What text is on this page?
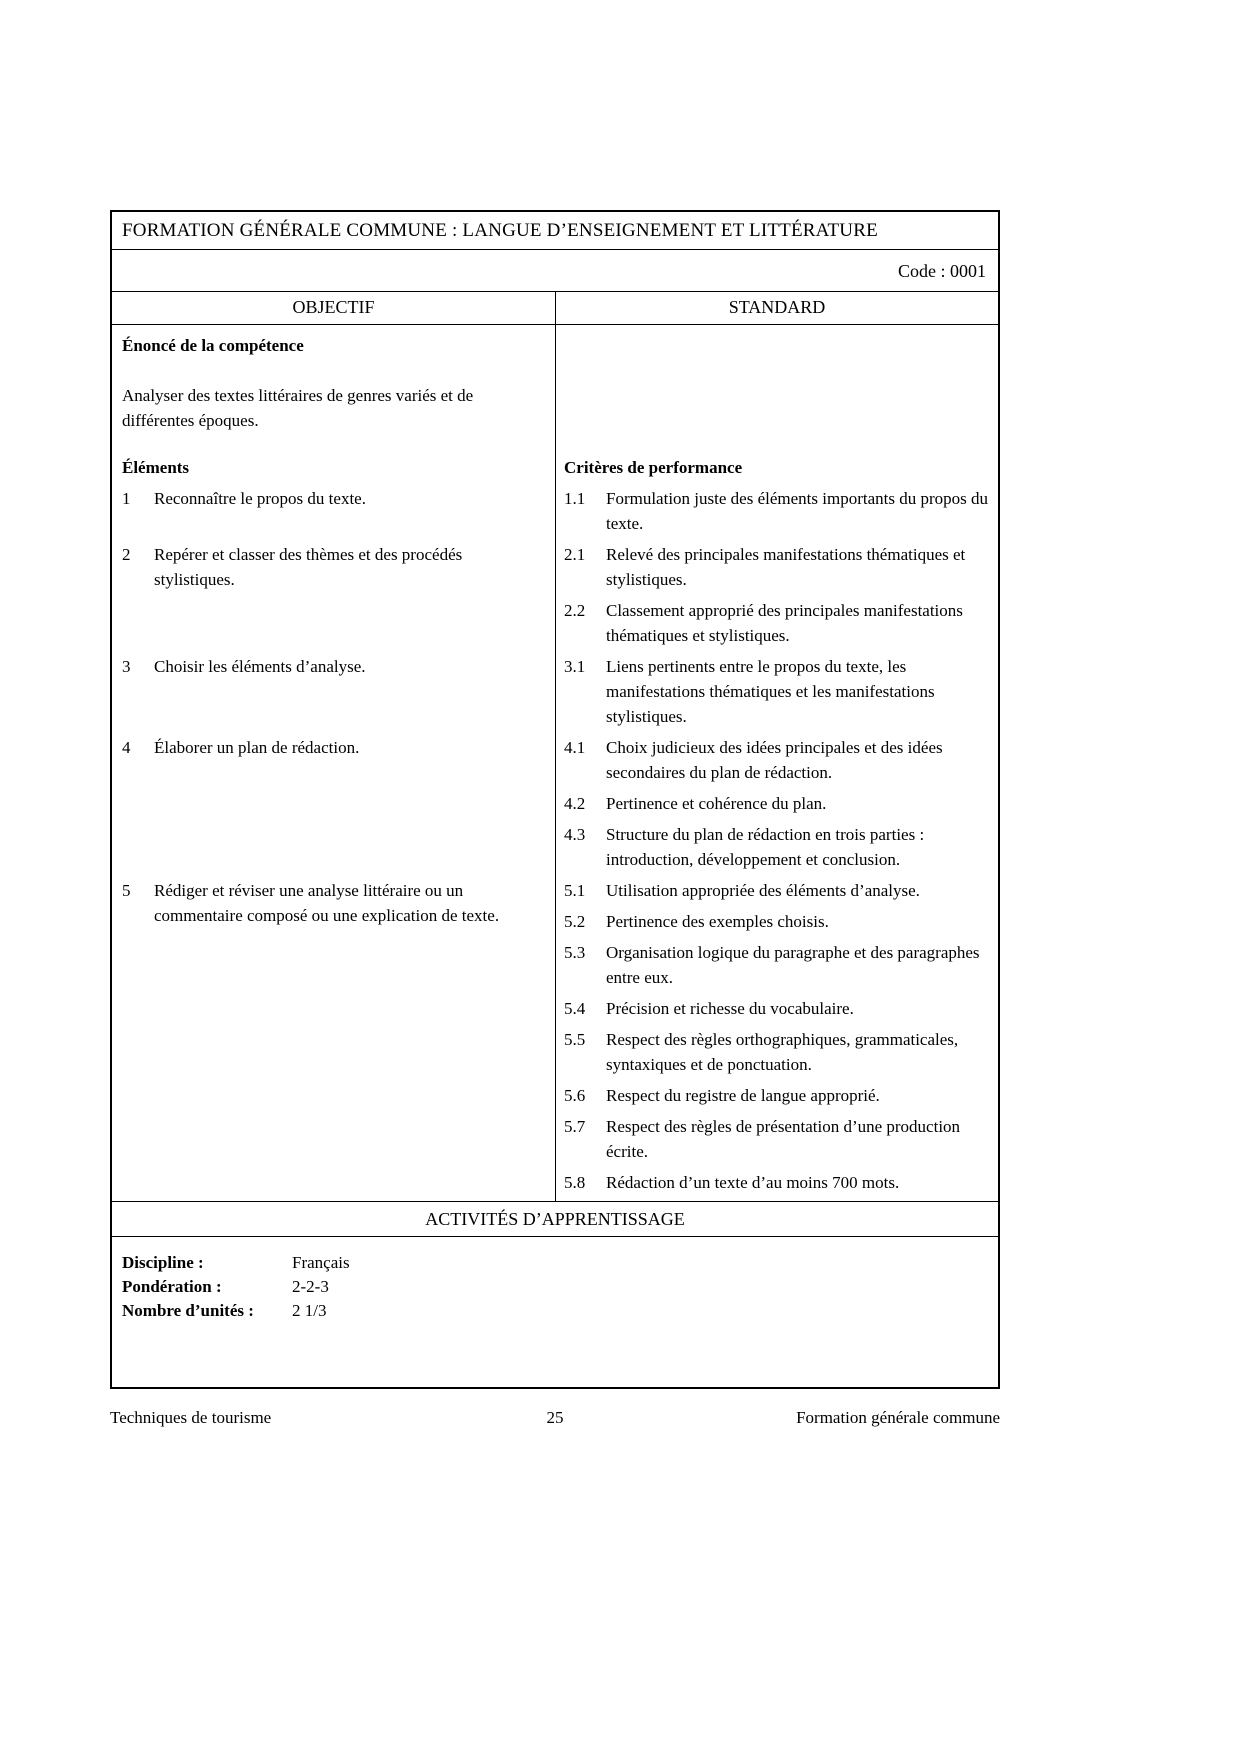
FORMATION GÉNÉRALE COMMUNE : LANGUE D’ENSEIGNEMENT ET LITTÉRATURE
Code : 0001
OBJECTIF	STANDARD

Énoncé de la compétence

Analyser des textes littéraires de genres variés et de différentes époques.

Éléments	Critères de performance

1	Reconnaître le propos du texte.	1.1	Formulation juste des éléments importants du propos du texte.
2	Repérer et classer des thèmes et des procédés stylistiques.
2.1	Relevé des principales manifestations thématiques et stylistiques.
2.2	Classement approprié des principales manifestations thématiques et stylistiques.
3	Choisir les éléments d’analyse.	3.1	Liens pertinents entre le propos du texte, les manifestations thématiques et les manifestations stylistiques.
4	Élaborer un plan de rédaction.	4.1	Choix judicieux des idées principales et des idées secondaires du plan de rédaction.
4.2	Pertinence et cohérence du plan.
4.3	Structure du plan de rédaction en trois parties : introduction, développement et conclusion.
5	Rédiger et réviser une analyse littéraire ou un commentaire composé ou une explication de texte.
5.1	Utilisation appropriée des éléments d’analyse.
5.2	Pertinence des exemples choisis.
5.3	Organisation logique du paragraphe et des paragraphes entre eux.
5.4	Précision et richesse du vocabulaire.
5.5	Respect des règles orthographiques, grammaticales, syntaxiques et de ponctuation.
5.6	Respect du registre de langue approprié.
5.7	Respect des règles de présentation d’une production écrite.
5.8	Rédaction d’un texte d’au moins 700 mots.
ACTIVITÉS D’APPRENTISSAGE
Discipline :	Français
Pondération :	2-2-3
Nombre d’unités :	2 1/3
Techniques de tourisme	25	Formation générale commune
